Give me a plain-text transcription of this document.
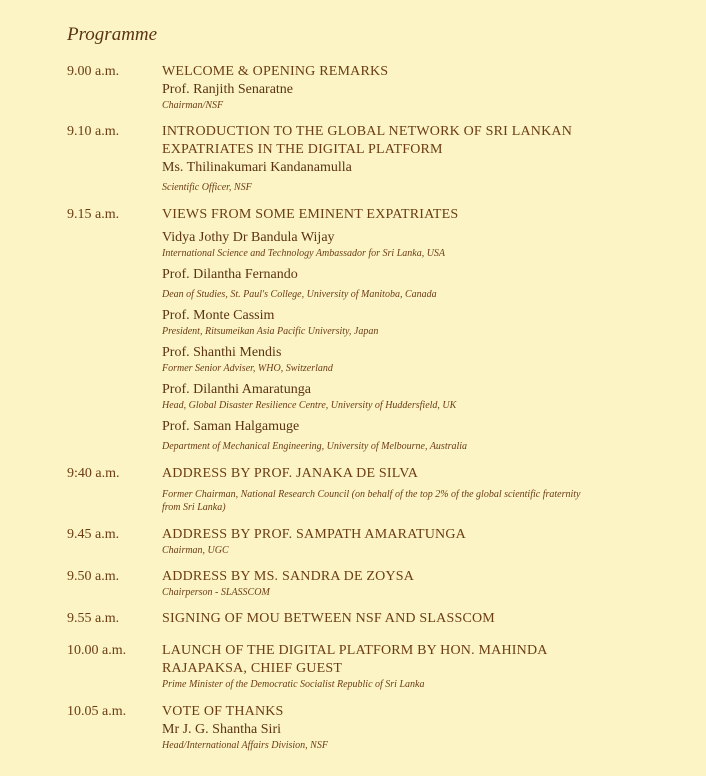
Programme
9.00 a.m.	WELCOME & OPENING REMARKS
Prof. Ranjith Senaratne
Chairman/NSF
9.10 a.m.	INTRODUCTION TO THE GLOBAL NETWORK OF SRI LANKAN
EXPATRIATES IN THE DIGITAL PLATFORM
Ms. Thilinakumari Kandanamulla
Scientific Officer, NSF
9.15 a.m.	VIEWS FROM SOME EMINENT EXPATRIATES
Vidya Jothy Dr Bandula Wijay
International Science and Technology Ambassador for Sri Lanka, USA
Prof. Dilantha Fernando
Dean of Studies, St. Paul's College, University of Manitoba, Canada
Prof. Monte Cassim
President, Ritsumeikan Asia Pacific University, Japan
Prof. Shanthi Mendis
Former Senior Adviser, WHO, Switzerland
Prof. Dilanthi Amaratunga
Head, Global Disaster Resilience Centre, University of Huddersfield, UK
Prof. Saman Halgamuge
Department of Mechanical Engineering, University of Melbourne, Australia
9:40 a.m.	ADDRESS BY PROF. JANAKA DE SILVA
Former Chairman, National Research Council (on behalf of the top 2% of the global scientific fraternity
from Sri Lanka)
9.45 a.m.	ADDRESS BY PROF. SAMPATH AMARATUNGA
Chairman, UGC
9.50 a.m.	ADDRESS BY MS. SANDRA DE ZOYSA
Chairperson - SLASSCOM
9.55 a.m.	SIGNING OF MOU BETWEEN NSF AND SLASSCOM
10.00 a.m.	LAUNCH OF THE DIGITAL PLATFORM BY HON. MAHINDA
RAJAPAKSA, CHIEF GUEST
Prime Minister of the Democratic Socialist Republic of Sri Lanka
10.05 a.m.	VOTE OF THANKS
Mr J. G. Shantha Siri
Head/International Affairs Division, NSF
